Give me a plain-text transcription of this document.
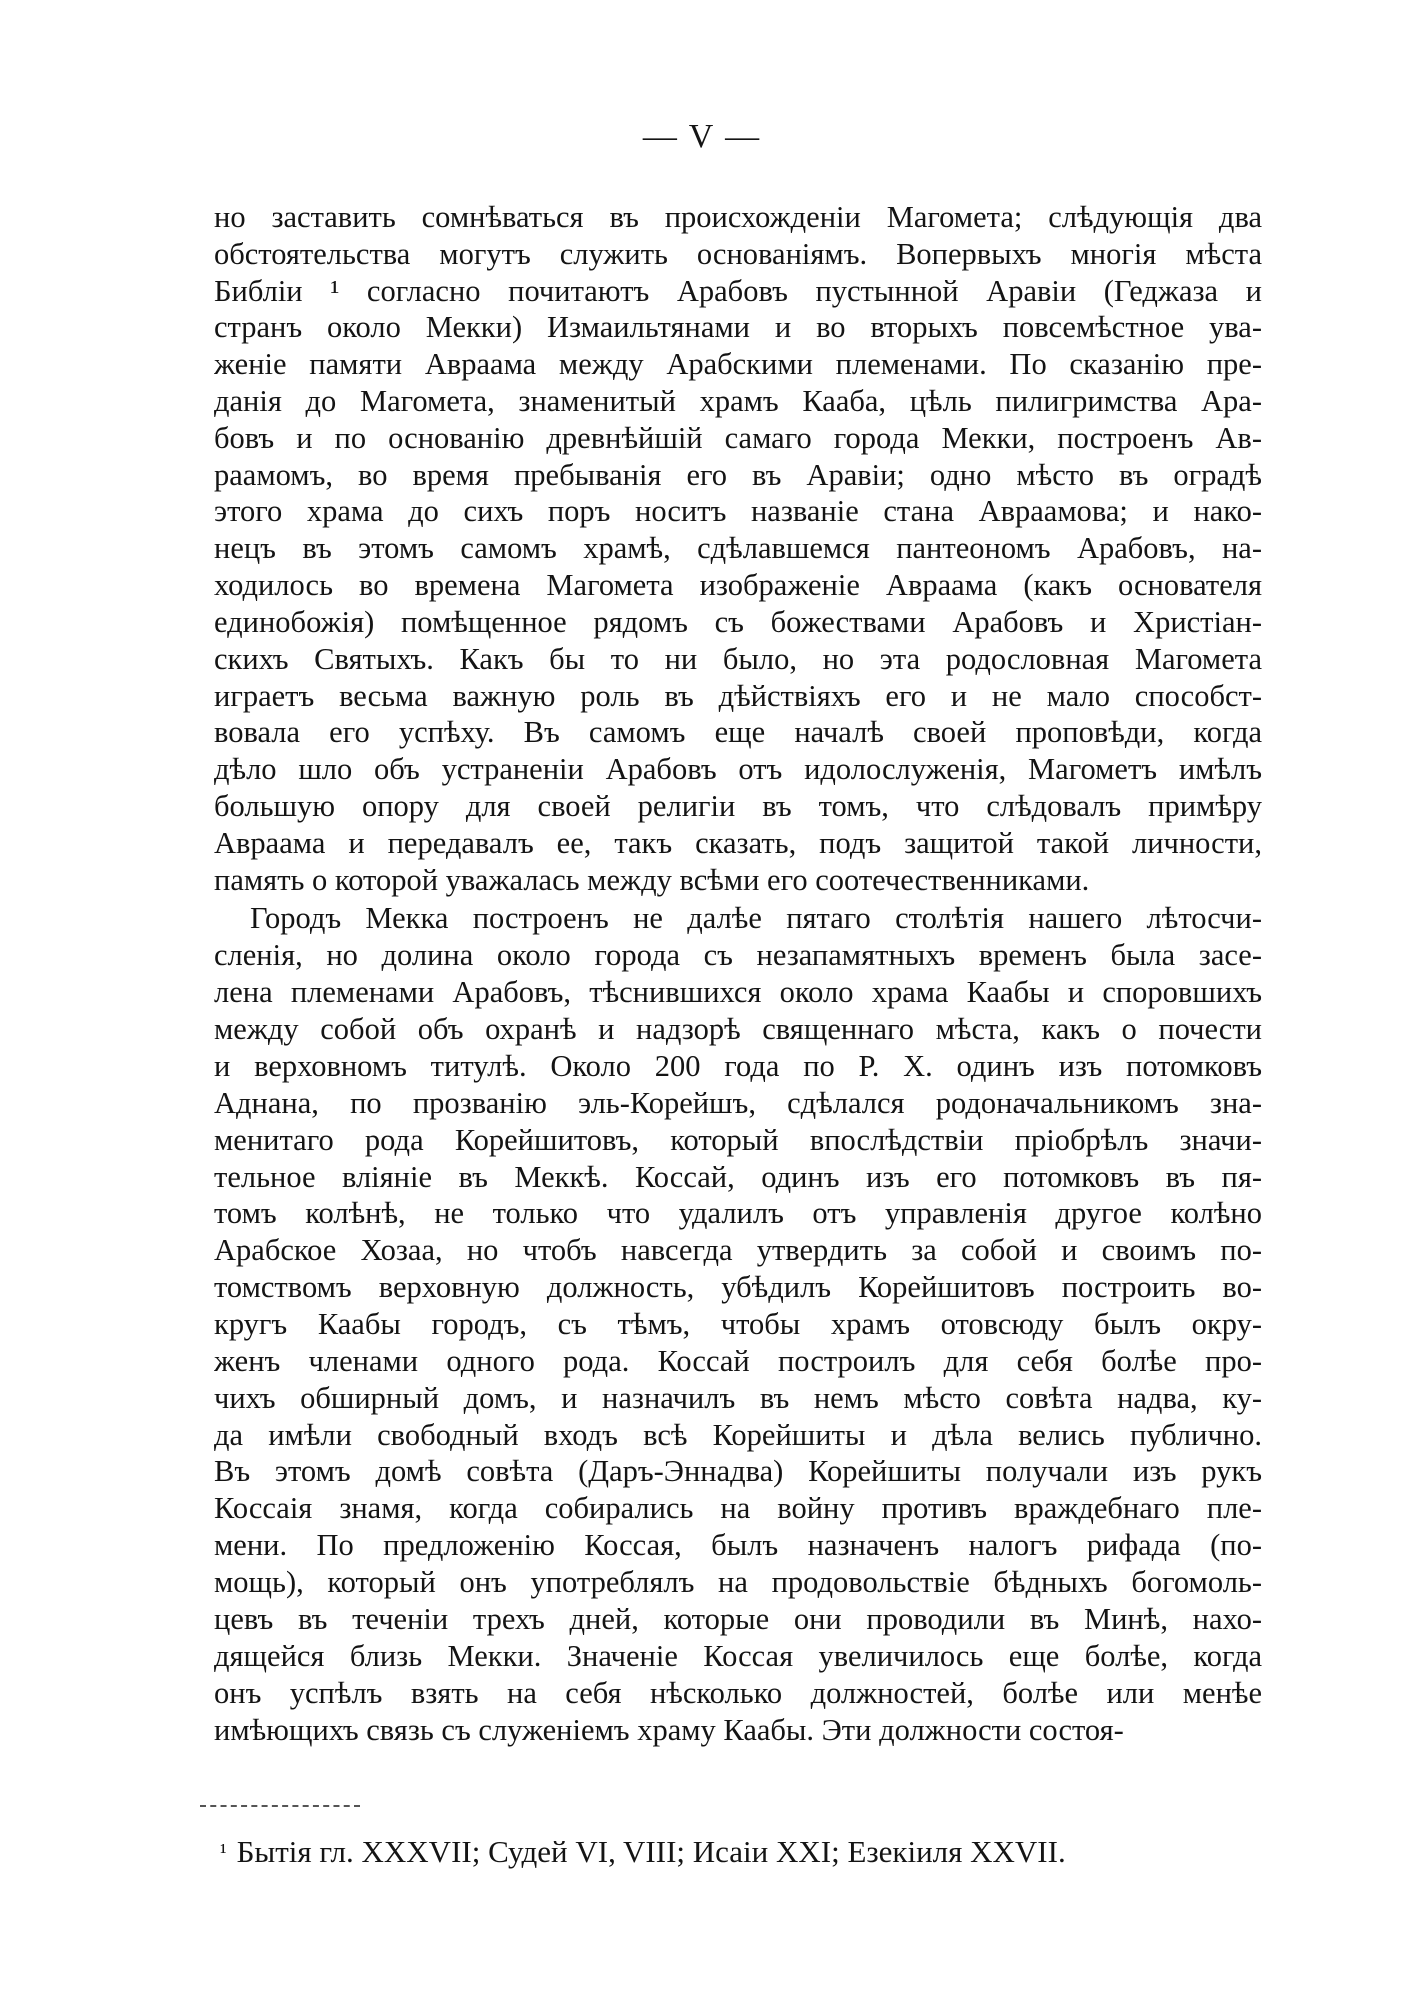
— V —
но заставить сомнѣваться въ происхожденіи Магомета; слѣдующія два
обстоятельства могутъ служить основаніямъ. Вопервыхъ многія мѣста
Библіи ¹ согласно почитаютъ Арабовъ пустынной Аравіи (Геджаза и
странъ около Мекки) Измаильтянами и во вторыхъ повсемѣстное ува-
женіе памяти Авраама между Арабскими племенами. По сказанію пре-
данія до Магомета, знаменитый храмъ Кааба, цѣль пилигримства Ара-
бовъ и по основанію древнѣйшій самаго города Мекки, построенъ Ав-
раамомъ, во время пребыванія его въ Аравіи; одно мѣсто въ оградѣ
этого храма до сихъ поръ носитъ названіе стана Авраамова; и нако-
нецъ въ этомъ самомъ храмѣ, сдѣлавшемся пантеономъ Арабовъ, на-
ходилось во времена Магомета изображеніе Авраама (какъ основателя
единобожія) помѣщенное рядомъ съ божествами Арабовъ и Христіан-
скихъ Святыхъ. Какъ бы то ни было, но эта родословная Магомета
играетъ весьма важную роль въ дѣйствіяхъ его и не мало способст-
вовала его успѣху. Въ самомъ еще началѣ своей проповѣди, когда
дѣло шло объ устраненіи Арабовъ отъ идолослуженія, Магометъ имѣлъ
большую опору для своей религіи въ томъ, что слѣдовалъ примѣру
Авраама и передавалъ ее, такъ сказать, подъ защитой такой личности,
память о которой уважалась между всѣми его соотечественниками.
Городъ Мекка построенъ не далѣе пятаго столѣтія нашего лѣтосчи-
сленія, но долина около города съ незапамятныхъ временъ была засе-
лена племенами Арабовъ, тѣснившихся около храма Каабы и споровшихъ
между собой объ охранѣ и надзорѣ священнаго мѣста, какъ о почести
и верховномъ титулѣ. Около 200 года по Р. Х. одинъ изъ потомковъ
Аднана, по прозванію эль-Корейшъ, сдѣлался родоначальникомъ зна-
менитаго рода Корейшитовъ, который впослѣдствіи пріобрѣлъ значи-
тельное вліяніе въ Меккѣ. Коссай, одинъ изъ его потомковъ въ пя-
томъ колѣнѣ, не только что удалилъ отъ управленія другое колѣно
Арабское Хозаа, но чтобъ навсегда утвердить за собой и своимъ по-
томствомъ верховную должность, убѣдилъ Корейшитовъ построить во-
кругъ Каабы городъ, съ тѣмъ, чтобы храмъ отовсюду былъ окру-
женъ членами одного рода. Коссай построилъ для себя болѣе про-
чихъ обширный домъ, и назначилъ въ немъ мѣсто совѣта надва, ку-
да имѣли свободный входъ всѣ Корейшиты и дѣла велись публично.
Въ этомъ домѣ совѣта (Даръ-Эннадва) Корейшиты получали изъ рукъ
Коссаія знамя, когда собирались на войну противъ враждебнаго пле-
мени. По предложенію Коссая, былъ назначенъ налогъ рифада (по-
мощь), который онъ употреблялъ на продовольствіе бѣдныхъ богомоль-
цевъ въ теченіи трехъ дней, которые они проводили въ Минѣ, нахо-
дящейся близь Мекки. Значеніе Коссая увеличилось еще болѣе, когда
онъ успѣлъ взять на себя нѣсколько должностей, болѣе или менѣе
имѣющихъ связь съ служеніемъ храму Каабы. Эти должности состоя-
$^{^1}$ Бытія гл. XXXVII; Судей VI, VIII; Исаіи XXI; Езекіиля XXVII.
